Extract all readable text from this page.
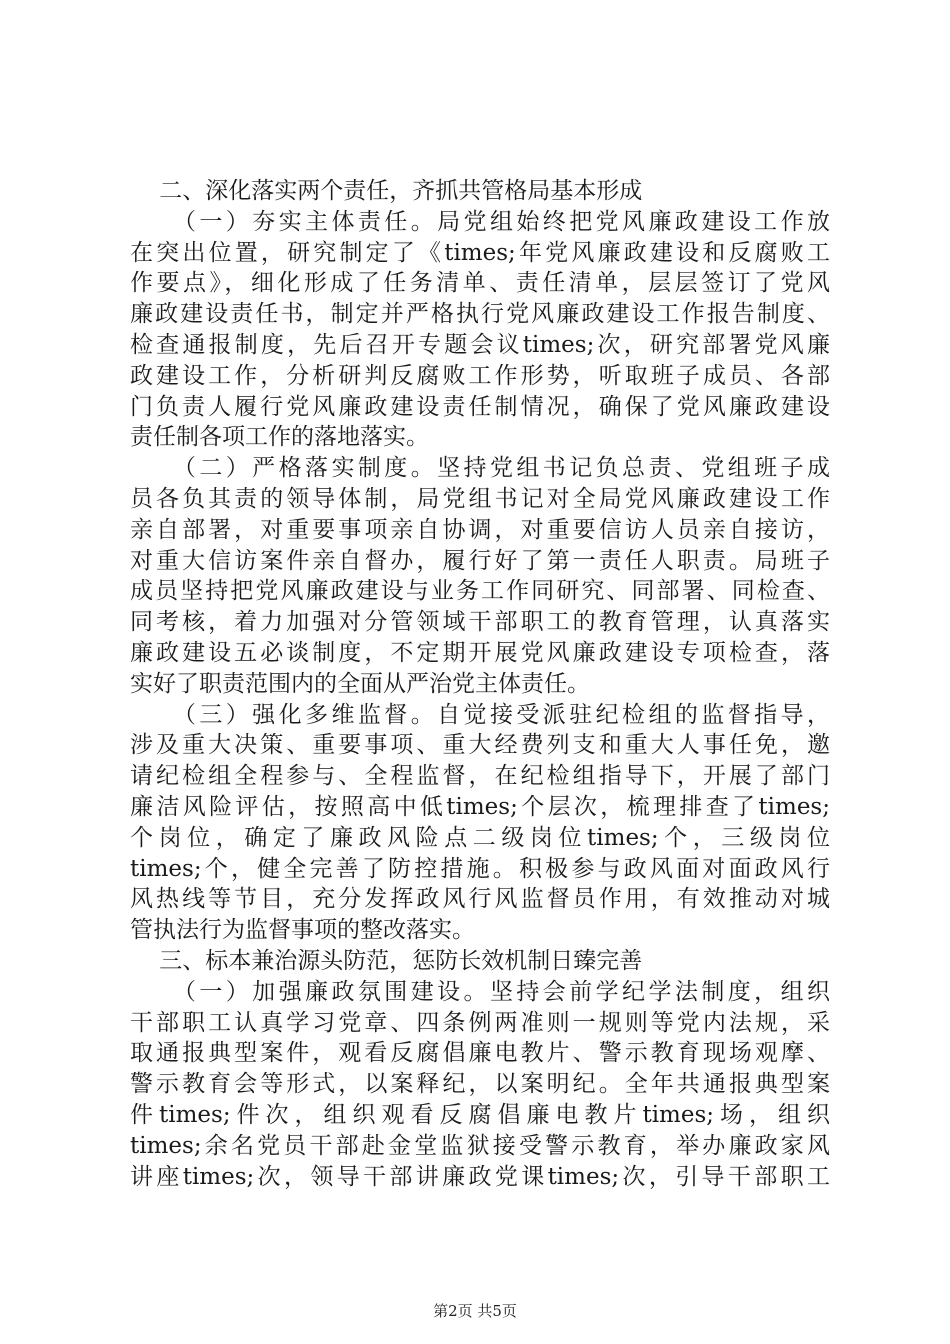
二、深化落实两个责任，齐抓共管格局基本形成
（一）夯实主体责任。局党组始终把党风廉政建设工作放
在突出位置，研究制定了《times;年党风廉政建设和反腐败工
作要点》，细化形成了任务清单、责任清单，层层签订了党风
廉政建设责任书，制定并严格执行党风廉政建设工作报告制度、
检查通报制度，先后召开专题会议times;次，研究部署党风廉
政建设工作，分析研判反腐败工作形势，听取班子成员、各部
门负责人履行党风廉政建设责任制情况，确保了党风廉政建设
责任制各项工作的落地落实。
（二）严格落实制度。坚持党组书记负总责、党组班子成
员各负其责的领导体制，局党组书记对全局党风廉政建设工作
亲自部署，对重要事项亲自协调，对重要信访人员亲自接访，
对重大信访案件亲自督办，履行好了第一责任人职责。局班子
成员坚持把党风廉政建设与业务工作同研究、同部署、同检查、
同考核，着力加强对分管领域干部职工的教育管理，认真落实
廉政建设五必谈制度，不定期开展党风廉政建设专项检查，落
实好了职责范围内的全面从严治党主体责任。
（三）强化多维监督。自觉接受派驻纪检组的监督指导，
涉及重大决策、重要事项、重大经费列支和重大人事任免，邀
请纪检组全程参与、全程监督，在纪检组指导下，开展了部门
廉洁风险评估，按照高中低times;个层次，梳理排查了times;
个岗位，确定了廉政风险点二级岗位times;个，三级岗位
times;个，健全完善了防控措施。积极参与政风面对面政风行
风热线等节目，充分发挥政风行风监督员作用，有效推动对城
管执法行为监督事项的整改落实。
三、标本兼治源头防范，惩防长效机制日臻完善
（一）加强廉政氛围建设。坚持会前学纪学法制度，组织
干部职工认真学习党章、四条例两准则一规则等党内法规，采
取通报典型案件，观看反腐倡廉电教片、警示教育现场观摩、
警示教育会等形式，以案释纪，以案明纪。全年共通报典型案
件times;件次，组织观看反腐倡廉电教片times;场，组织
times;余名党员干部赴金堂监狱接受警示教育，举办廉政家风
讲座times;次，领导干部讲廉政党课times;次，引导干部职工
第2页 共5页
